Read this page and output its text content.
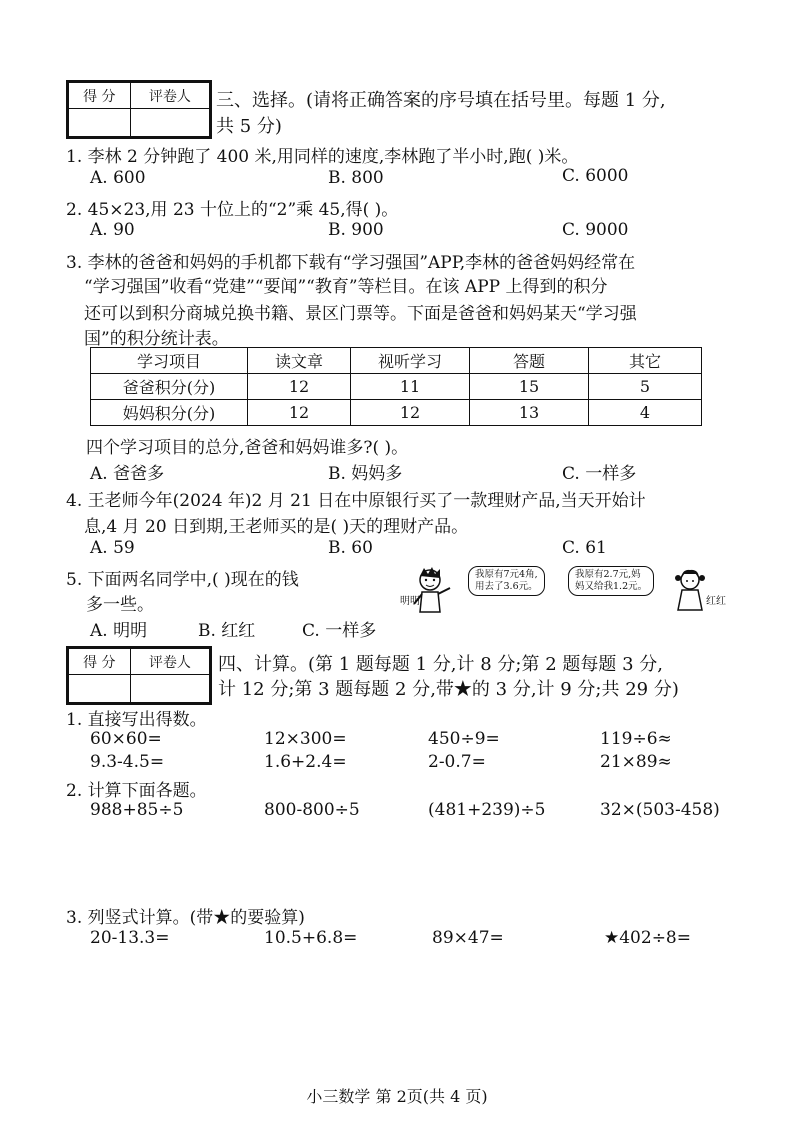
得 分	评卷人
	三、选择。(请将正确答案的序号填在括号里。每题 1 分,
共 5 分)
1. 李林 2 分钟跑了 400 米,用同样的速度,李林跑了半小时,跑( )米。
A. 600	B. 800	C. 6000
2. 45×23,用 23 十位上的“2”乘 45,得( )。
A. 90	B. 900	C. 9000
3. 李林的爸爸和妈妈的手机都下载有“学习强国”APP,李林的爸爸妈妈经常在
“学习强国”收看“党建”“要闻”“教育”等栏目。在该 APP 上得到的积分
还可以到积分商城兑换书籍、景区门票等。下面是爸爸和妈妈某天“学习强
国”的积分统计表。
学习项目	读文章	视听学习	答题	其它
爸爸积分(分)	12	11	15	5
妈妈积分(分)	12	12	13	4
四个学习项目的总分,爸爸和妈妈谁多?( )。
A. 爸爸多	B. 妈妈多	C. 一样多
4. 王老师今年(2024 年)2 月 21 日在中原银行买了一款理财产品,当天开始计
息,4 月 20 日到期,王老师买的是( )天的理财产品。
A. 59	B. 60	C. 61
5. 下面两名同学中,( )现在的钱
多一些。
A. 明明	B. 红红	C. 一样多
明明
我原有7元4角,
用去了3.6元。
我原有2.7元,妈
妈又给我1.2元。
红红
得 分	评卷人
	四、计算。(第 1 题每题 1 分,计 8 分;第 2 题每题 3 分,
计 12 分;第 3 题每题 2 分,带★的 3 分,计 9 分;共 29 分)
1. 直接写出得数。
60×60=	12×300=	450÷9=	119÷6≈
9.3-4.5=	1.6+2.4=	2-0.7=	21×89≈
2. 计算下面各题。
988+85÷5	800-800÷5	(481+239)÷5	32×(503-458)
3. 列竖式计算。(带★的要验算)
20-13.3=	10.5+6.8=	89×47=	★402÷8=
小三数学 第 2页(共 4 页)
